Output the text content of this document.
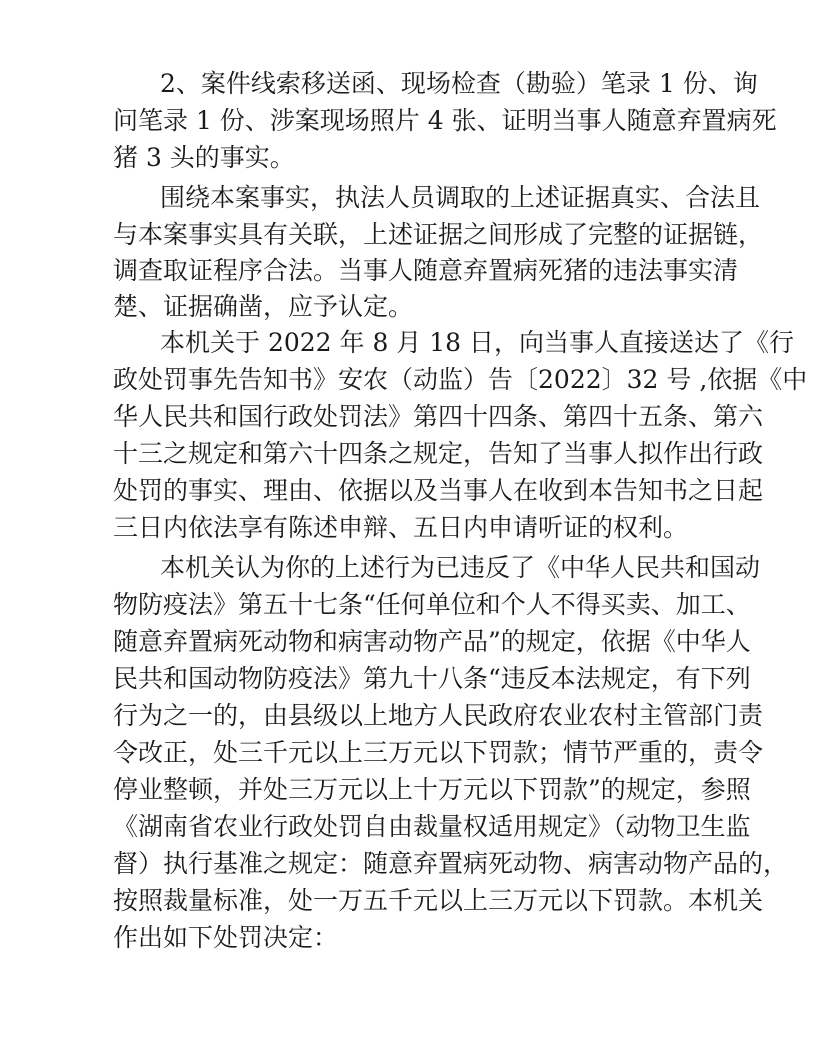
2、案件线索移送函、现场检查（勘验）笔录 1 份、询
问笔录 1 份、涉案现场照片 4 张、证明当事人随意弃置病死
猪 3 头的事实。
围绕本案事实，执法人员调取的上述证据真实、合法且
与本案事实具有关联，上述证据之间形成了完整的证据链，
调查取证程序合法。当事人随意弃置病死猪的违法事实清
楚、证据确凿，应予认定。
本机关于 2022 年 8 月 18 日，向当事人直接送达了《行
政处罚事先告知书》安农（动监）告〔2022〕32 号 ,依据《中
华人民共和国行政处罚法》第四十四条、第四十五条、第六
十三之规定和第六十四条之规定，告知了当事人拟作出行政
处罚的事实、理由、依据以及当事人在收到本告知书之日起
三日内依法享有陈述申辩、五日内申请听证的权利。
本机关认为你的上述行为已违反了《中华人民共和国动
物防疫法》第五十七条“任何单位和个人不得买卖、加工、
随意弃置病死动物和病害动物产品”的规定，依据《中华人
民共和国动物防疫法》第九十八条“违反本法规定，有下列
行为之一的，由县级以上地方人民政府农业农村主管部门责
令改正，处三千元以上三万元以下罚款；情节严重的，责令
停业整顿，并处三万元以上十万元以下罚款”的规定，参照
《湖南省农业行政处罚自由裁量权适用规定》（动物卫生监
督）执行基准之规定：随意弃置病死动物、病害动物产品的，
按照裁量标准，处一万五千元以上三万元以下罚款。本机关
作出如下处罚决定：
